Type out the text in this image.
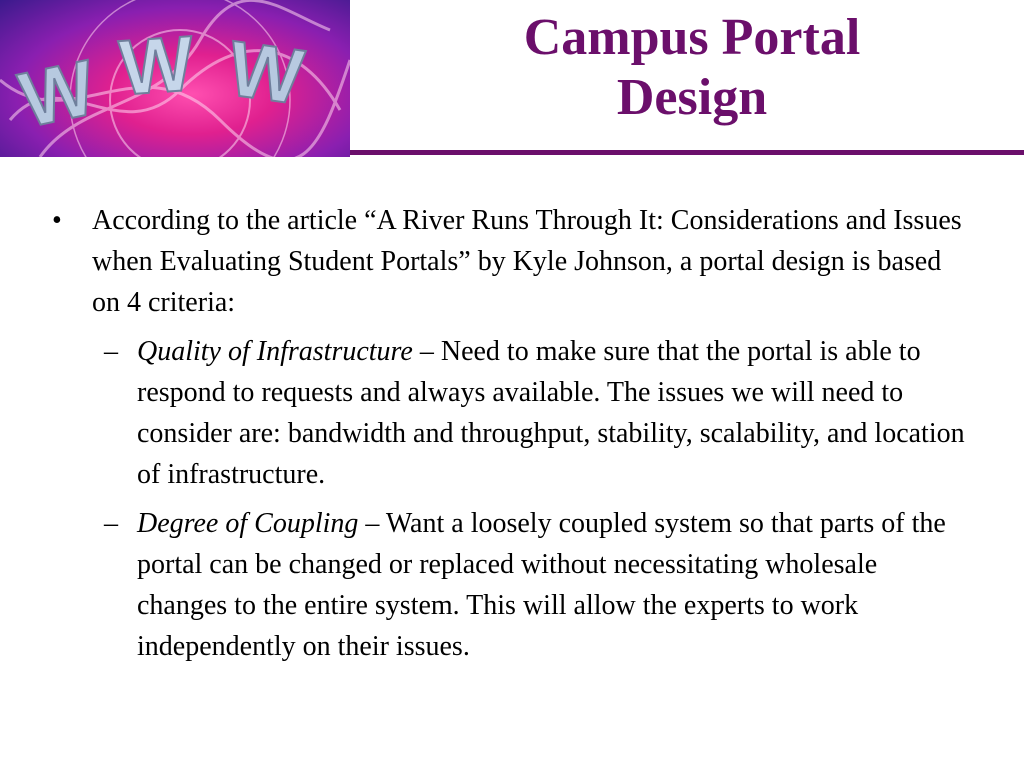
W W W	Campus Portal
Design
• According to the article “A River Runs Through It: Considerations and Issues when Evaluating Student Portals” by Kyle Johnson, a portal design is based on 4 criteria:
– Quality of Infrastructure – Need to make sure that the portal is able to respond to requests and always available. The issues we will need to consider are: bandwidth and throughput, stability, scalability, and location of infrastructure.
– Degree of Coupling – Want a loosely coupled system so that parts of the portal can be changed or replaced without necessitating wholesale changes to the entire system. This will allow the experts to work independently on their issues.
